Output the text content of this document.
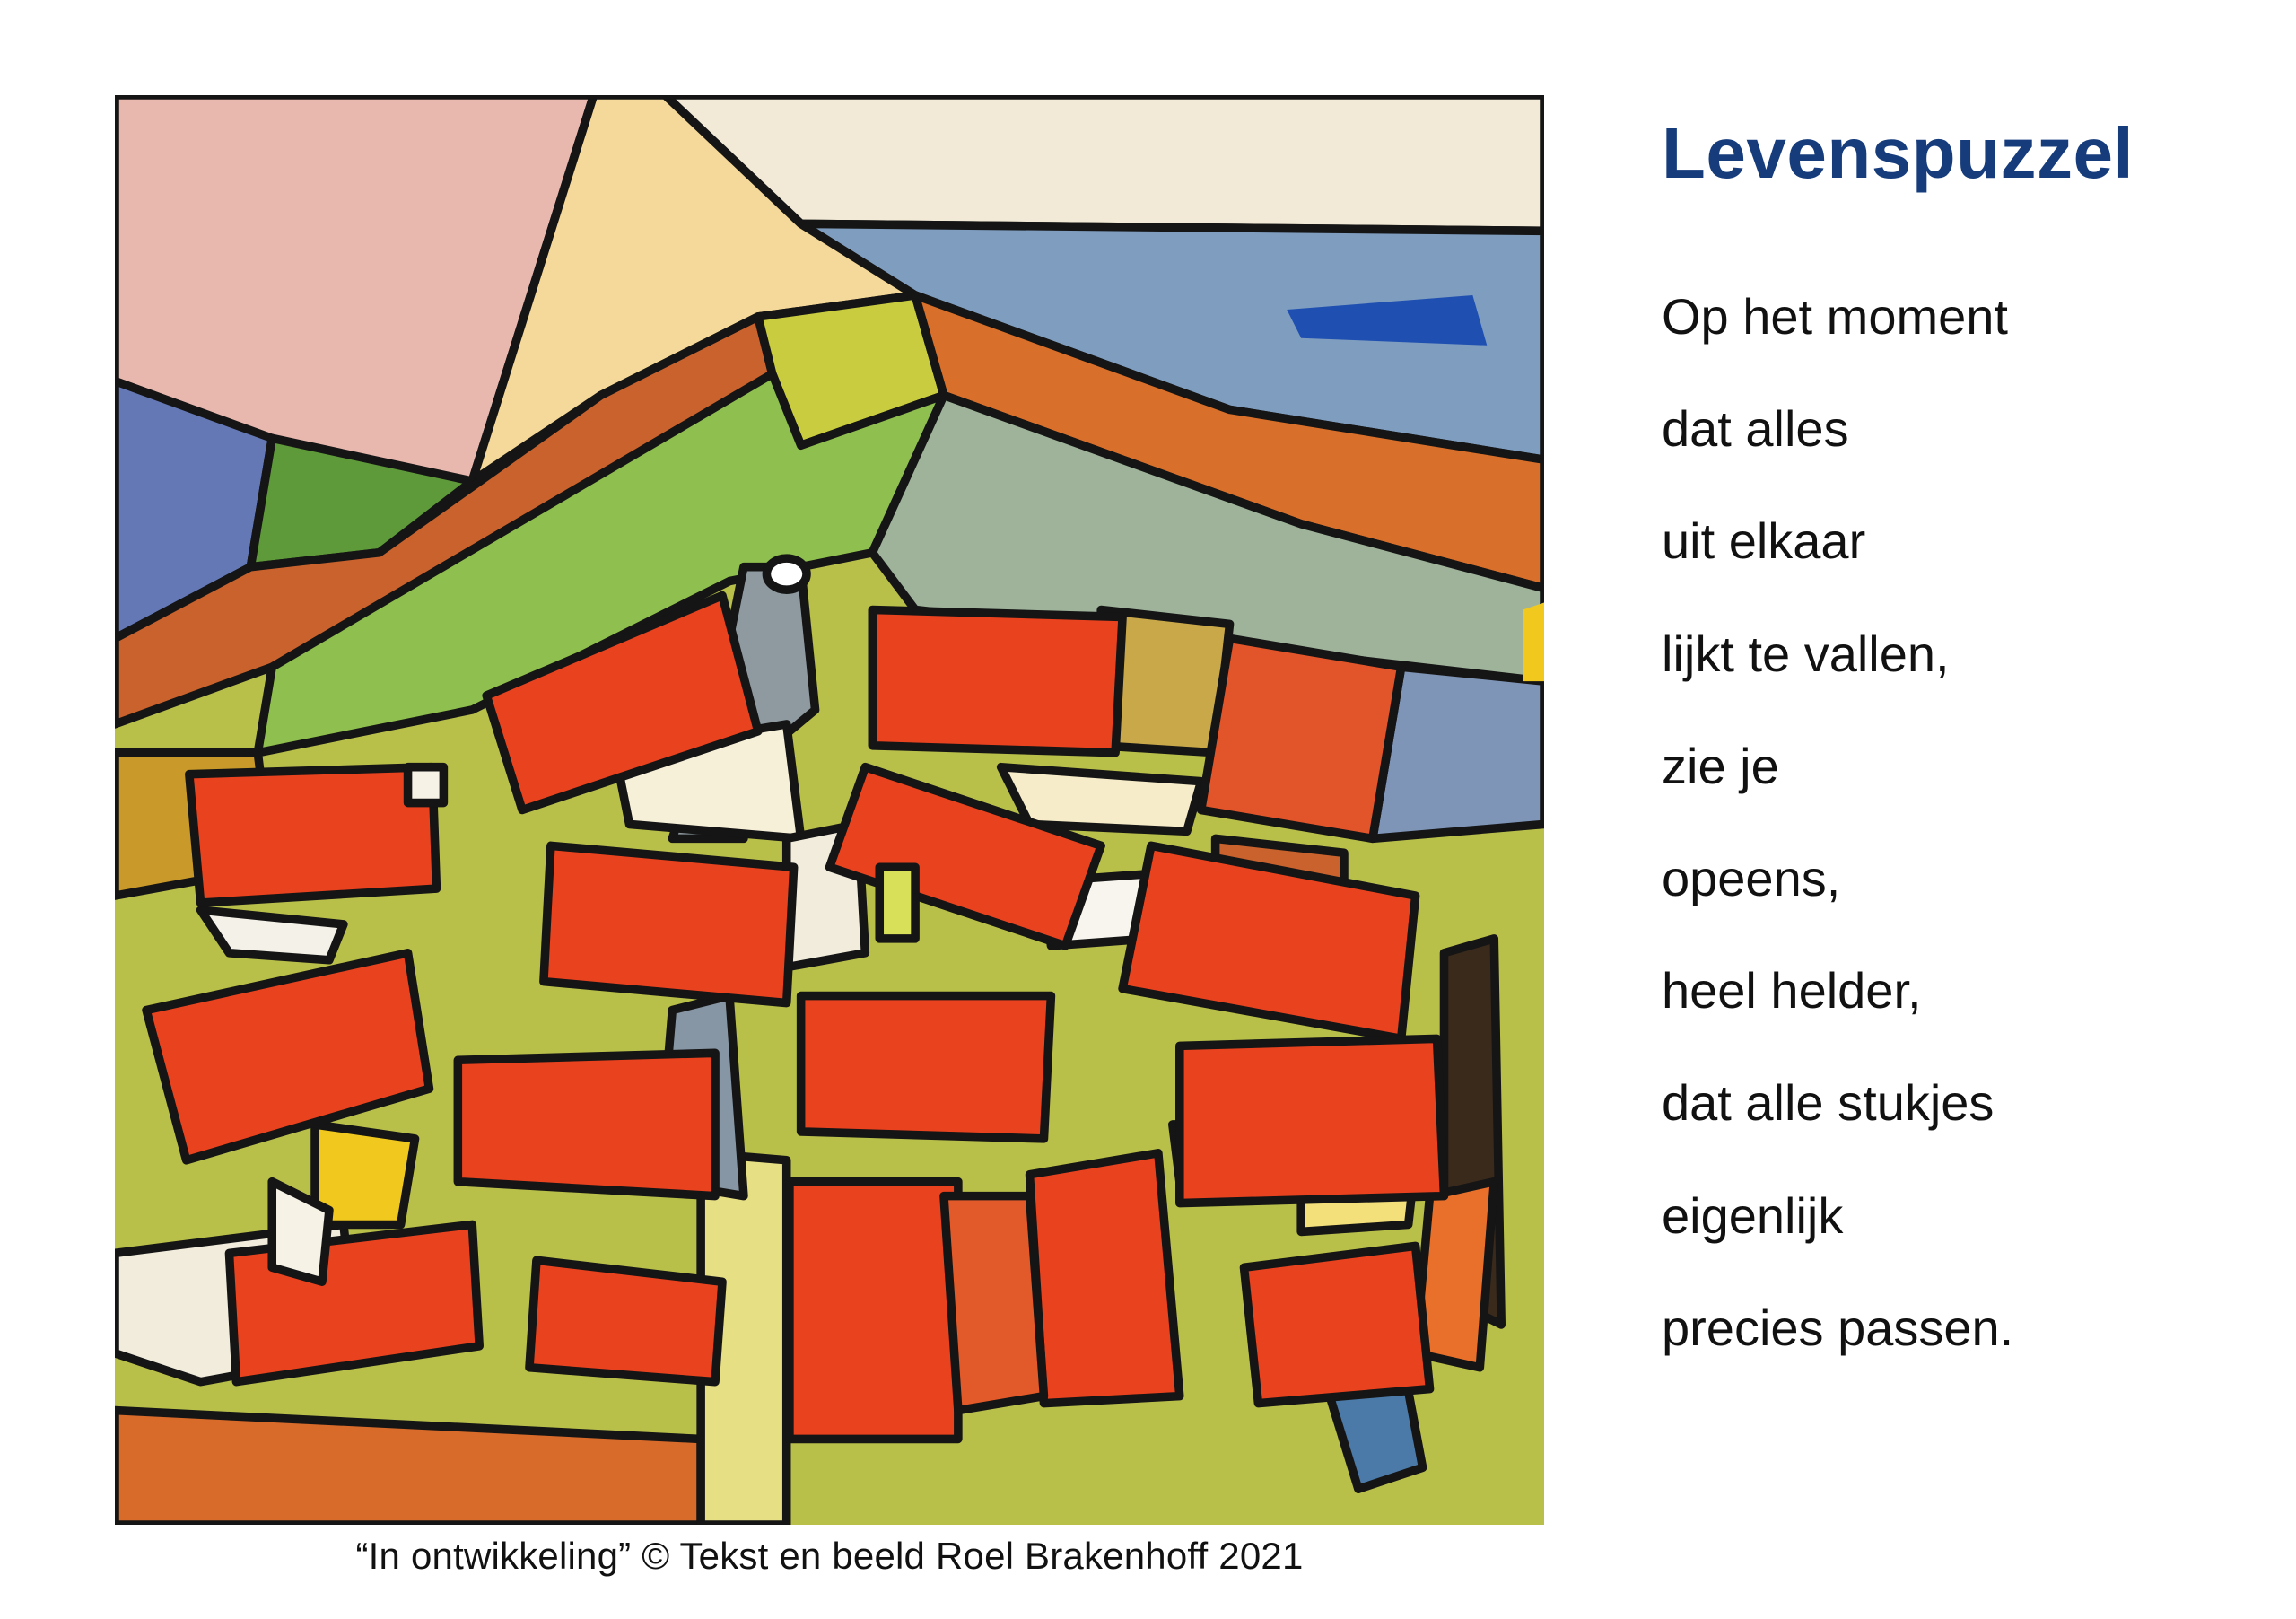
“In ontwikkeling” © Tekst en beeld Roel Brakenhoff 2021
Levenspuzzel
Op het moment
dat alles
uit elkaar
lijkt te vallen,
zie je
opeens,
heel helder,
dat alle stukjes
eigenlijk
precies passen.
